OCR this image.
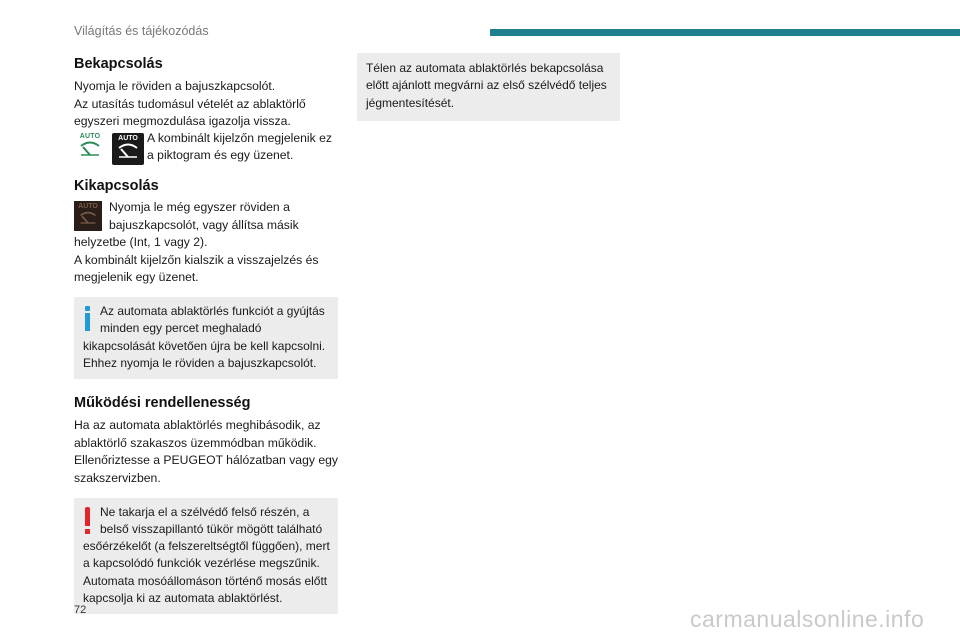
Világítás és tájékozódás
Bekapcsolás

Nyomja le röviden a bajuszkapcsolót.

Az utasítás tudomásul vételét az ablaktörlő egyszeri megmozdulása igazolja vissza.

AUTO	AUTO A kombinált kijelzőn megjelenik ez a piktogram és egy üzenet.

Kikapcsolás
AUTO Nyomja le még egyszer röviden a bajuszkapcsolót, vagy állítsa másik helyzetbe (Int, 1 vagy 2).

A kombinált kijelzőn kialszik a visszajelzés és megjelenik egy üzenet.

Az automata ablaktörlés funkciót a gyújtás minden egy percet meghaladó kikapcsolását követően újra be kell kapcsolni. Ehhez nyomja le röviden a bajuszkapcsolót.

Működési rendellenesség

Ha az automata ablaktörlés meghibásodik, az ablaktörlő szakaszos üzemmódban működik.

Ellenőriztesse a PEUGEOT hálózatban vagy egy szakszervizben.

Ne takarja el a szélvédő felső részén, a belső visszapillantó tükör mögött található esőérzékelőt (a felszereltségtől függően), mert a kapcsolódó funkciók vezérlése megszűnik.

Automata mosóállomáson történő mosás előtt kapcsolja ki az automata ablaktörlést.

Télen az automata ablaktörlés bekapcsolása előtt ajánlott megvárni az első szélvédő teljes jégmentesítését.

72	carmanualsonline.info
